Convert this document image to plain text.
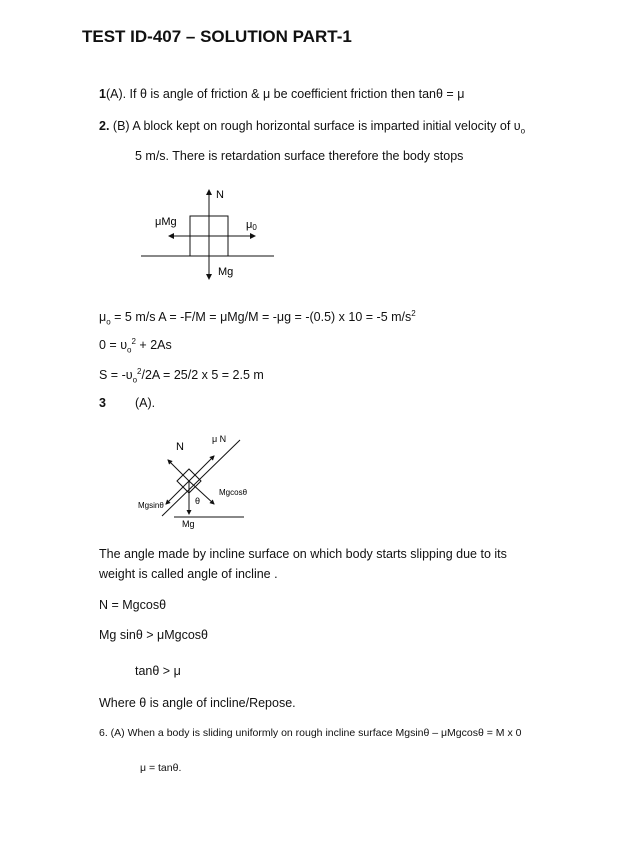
TEST ID-407 – SOLUTION PART-1
1(A). If θ is angle of friction & μ be coefficient friction then tanθ = μ
2. (B) A block kept on rough horizontal surface is imparted initial velocity of $\upsilon_o$
5 m/s. There is retardation surface therefore the body stops
N
μMg	μ0
Mg
$\mu_o = 5$ m/s A = -F/M = μMg/M = -μg = -(0.5) x 10 = -5 $m/s^2$
$0 = \upsilon_o^2 + 2As$
$S = -\upsilon_o^2/2A = 25/2$ x 5 = 2.5 m
3 (A).
N
μ N
Mgcosθ
Mgsinθ	θ
Mg
The angle made by incline surface on which body starts slipping due to its
weight is called angle of incline .
N = Mgcosθ
Mg sinθ > μMgcosθ
tanθ > μ
Where θ is angle of incline/Repose.
6. (A) When a body is sliding uniformly on rough incline surface Mgsinθ – μMgcosθ = M x 0
μ = tanθ.
